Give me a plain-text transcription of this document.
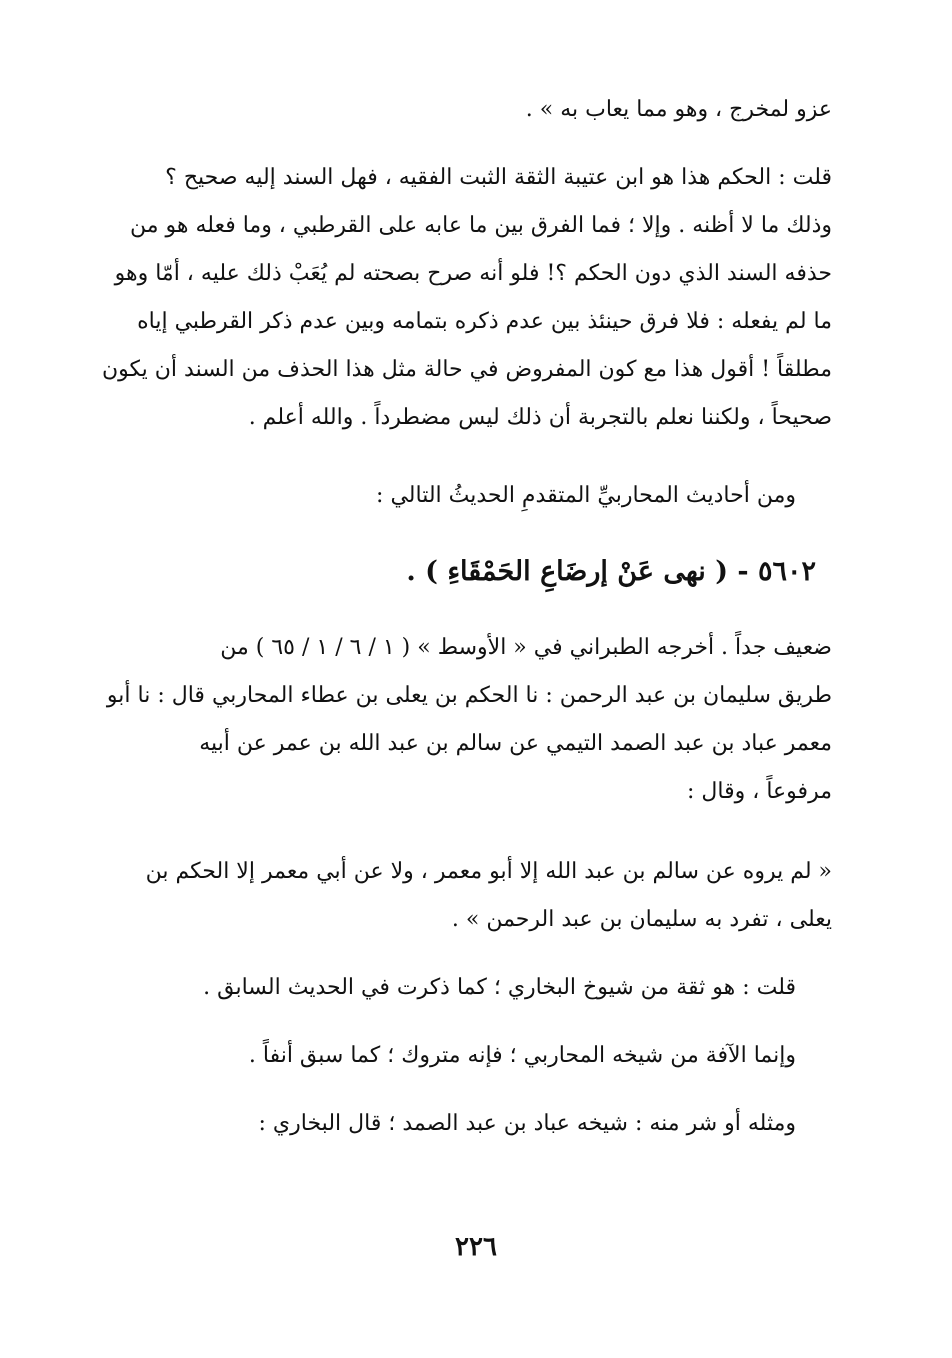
عزو لمخرج ، وهو مما يعاب به » .

قلت : الحكم هذا هو ابن عتيبة الثقة الثبت الفقيه ، فهل السند إليه صحيح ؟
وذلك ما لا أظنه . وإلا ؛ فما الفرق بين ما عابه على القرطبي ، وما فعله هو من
حذفه السند الذي دون الحكم ؟! فلو أنه صرح بصحته لم يُعَبْ ذلك عليه ، أمّا وهو
ما لم يفعله : فلا فرق حينئذ بين عدم ذكره بتمامه وبين عدم ذكر القرطبي إياه
مطلقاً ! أقول هذا مع كون المفروض في حالة مثل هذا الحذف من السند أن يكون
صحيحاً ، ولكننا نعلم بالتجربة أن ذلك ليس مضطرداً . والله أعلم .

ومن أحاديث المحاربيِّ المتقدمِ الحديثُ التالي :

٥٦٠٢ - ( نهى عَنْ إرضَاعِ الحَمْقَاءِ ) .
ضعيف جداً . أخرجه الطبراني في « الأوسط » ( ١ / ٦ / ١ / ٦٥ ) من
طريق سليمان بن عبد الرحمن : نا الحكم بن يعلى بن عطاء المحاربي قال : نا أبو
معمر عباد بن عبد الصمد التيمي عن سالم بن عبد الله بن عمر عن أبيه
مرفوعاً ، وقال :
« لم يروه عن سالم بن عبد الله إلا أبو معمر ، ولا عن أبي معمر إلا الحكم بن
يعلى ، تفرد به سليمان بن عبد الرحمن » .

قلت : هو ثقة من شيوخ البخاري ؛ كما ذكرت في الحديث السابق .

وإنما الآفة من شيخه المحاربي ؛ فإنه متروك ؛ كما سبق أنفاً .

ومثله أو شر منه : شيخه عباد بن عبد الصمد ؛ قال البخاري :

٢٢٦
